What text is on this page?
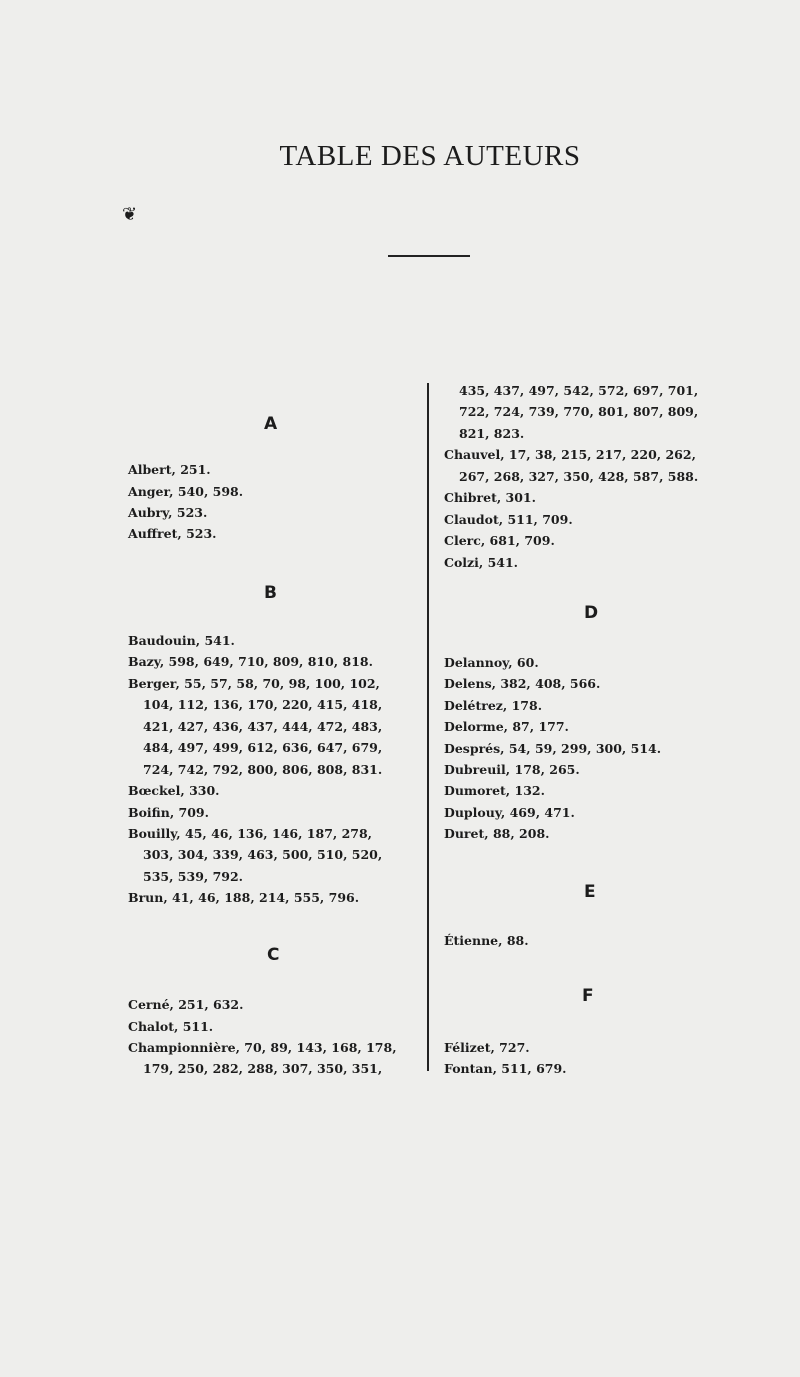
TABLE DES AUTEURS
❦
A
Albert, 251.
Anger, 540, 598.
Aubry, 523.
Auffret, 523.
B
Baudouin, 541.
Bazy, 598, 649, 710, 809, 810, 818.
Berger, 55, 57, 58, 70, 98, 100, 102,
104, 112, 136, 170, 220, 415, 418,
421, 427, 436, 437, 444, 472, 483,
484, 497, 499, 612, 636, 647, 679,
724, 742, 792, 800, 806, 808, 831.
Bœckel, 330.
Boifin, 709.
Bouilly, 45, 46, 136, 146, 187, 278,
303, 304, 339, 463, 500, 510, 520,
535, 539, 792.
Brun, 41, 46, 188, 214, 555, 796.
C
Cerné, 251, 632.
Chalot, 511.
Championnière, 70, 89, 143, 168, 178,
179, 250, 282, 288, 307, 350, 351,
435, 437, 497, 542, 572, 697, 701,
722, 724, 739, 770, 801, 807, 809,
821, 823.
Chauvel, 17, 38, 215, 217, 220, 262,
267, 268, 327, 350, 428, 587, 588.
Chibret, 301.
Claudot, 511, 709.
Clerc, 681, 709.
Colzi, 541.
D
Delannoy, 60.
Delens, 382, 408, 566.
Delétrez, 178.
Delorme, 87, 177.
Després, 54, 59, 299, 300, 514.
Dubreuil, 178, 265.
Dumoret, 132.
Duplouy, 469, 471.
Duret, 88, 208.
E
Étienne, 88.
F
Félizet, 727.
Fontan, 511, 679.
